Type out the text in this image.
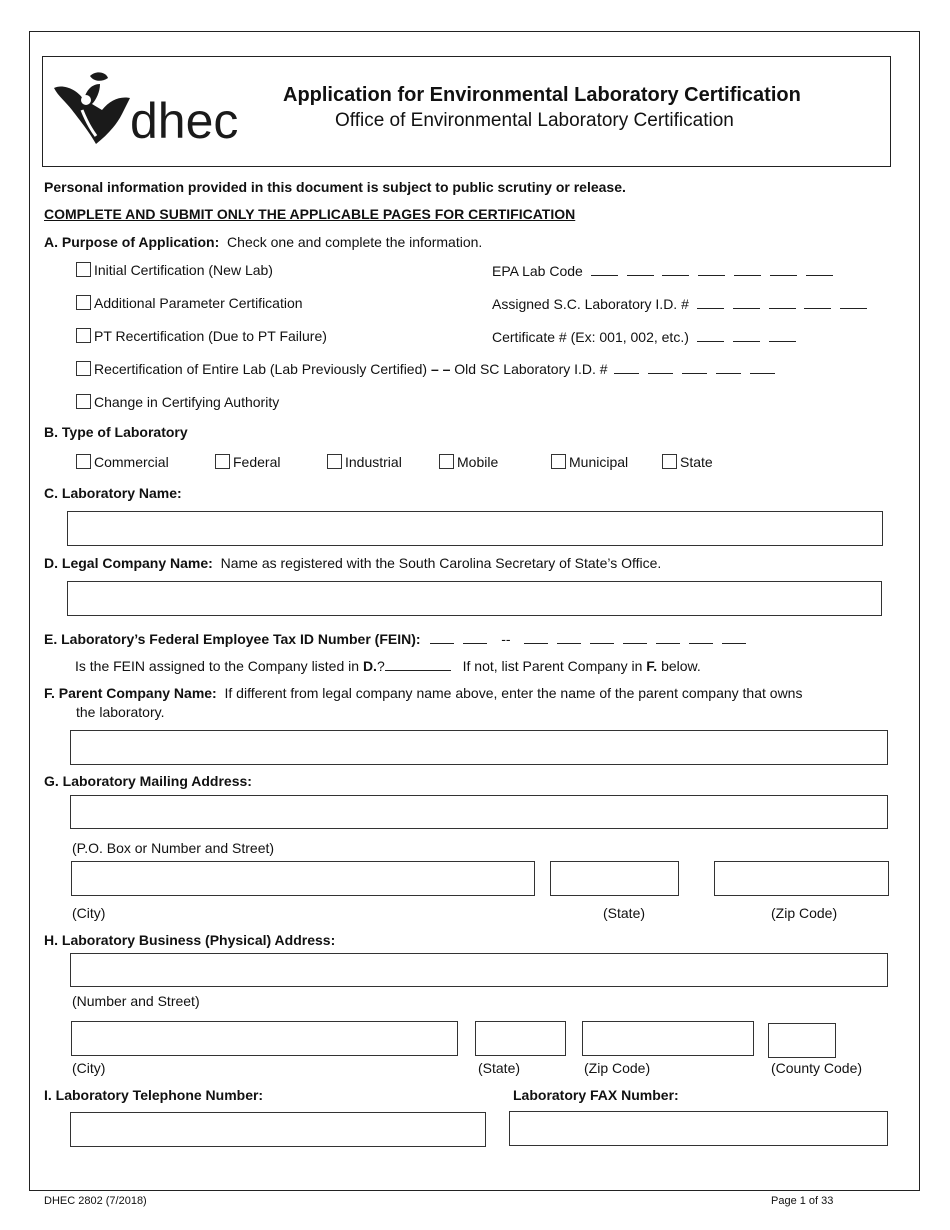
dhec Application for Environmental Laboratory Certification
Office of Environmental Laboratory Certification
Personal information provided in this document is subject to public scrutiny or release.
COMPLETE AND SUBMIT ONLY THE APPLICABLE PAGES FOR CERTIFICATION
A. Purpose of Application: Check one and complete the information.
Initial Certification (New Lab)	EPA Lab Code
Additional Parameter Certification	Assigned S.C. Laboratory I.D. #
PT Recertification (Due to PT Failure)	Certificate # (Ex: 001, 002, etc.)
Recertification of Entire Lab (Lab Previously Certified) – – Old SC Laboratory I.D. #
Change in Certifying Authority
B. Type of Laboratory
Commercial	Federal	Industrial	Mobile	Municipal	State
C. Laboratory Name:
D. Legal Company Name: Name as registered with the South Carolina Secretary of State’s Office.
E. Laboratory’s Federal Employee Tax ID Number (FEIN):	--
Is the FEIN assigned to the Company listed in D.?	If not, list Parent Company in F. below.
F. Parent Company Name: If different from legal company name above, enter the name of the parent company that owns
the laboratory.
G. Laboratory Mailing Address:
(P.O. Box or Number and Street)
(City)	(State)	(Zip Code)
H. Laboratory Business (Physical) Address:
(Number and Street)
(City)	(State)	(Zip Code)	(County Code)
I. Laboratory Telephone Number:	Laboratory FAX Number:
DHEC 2802 (7/2018)	Page 1 of 33
